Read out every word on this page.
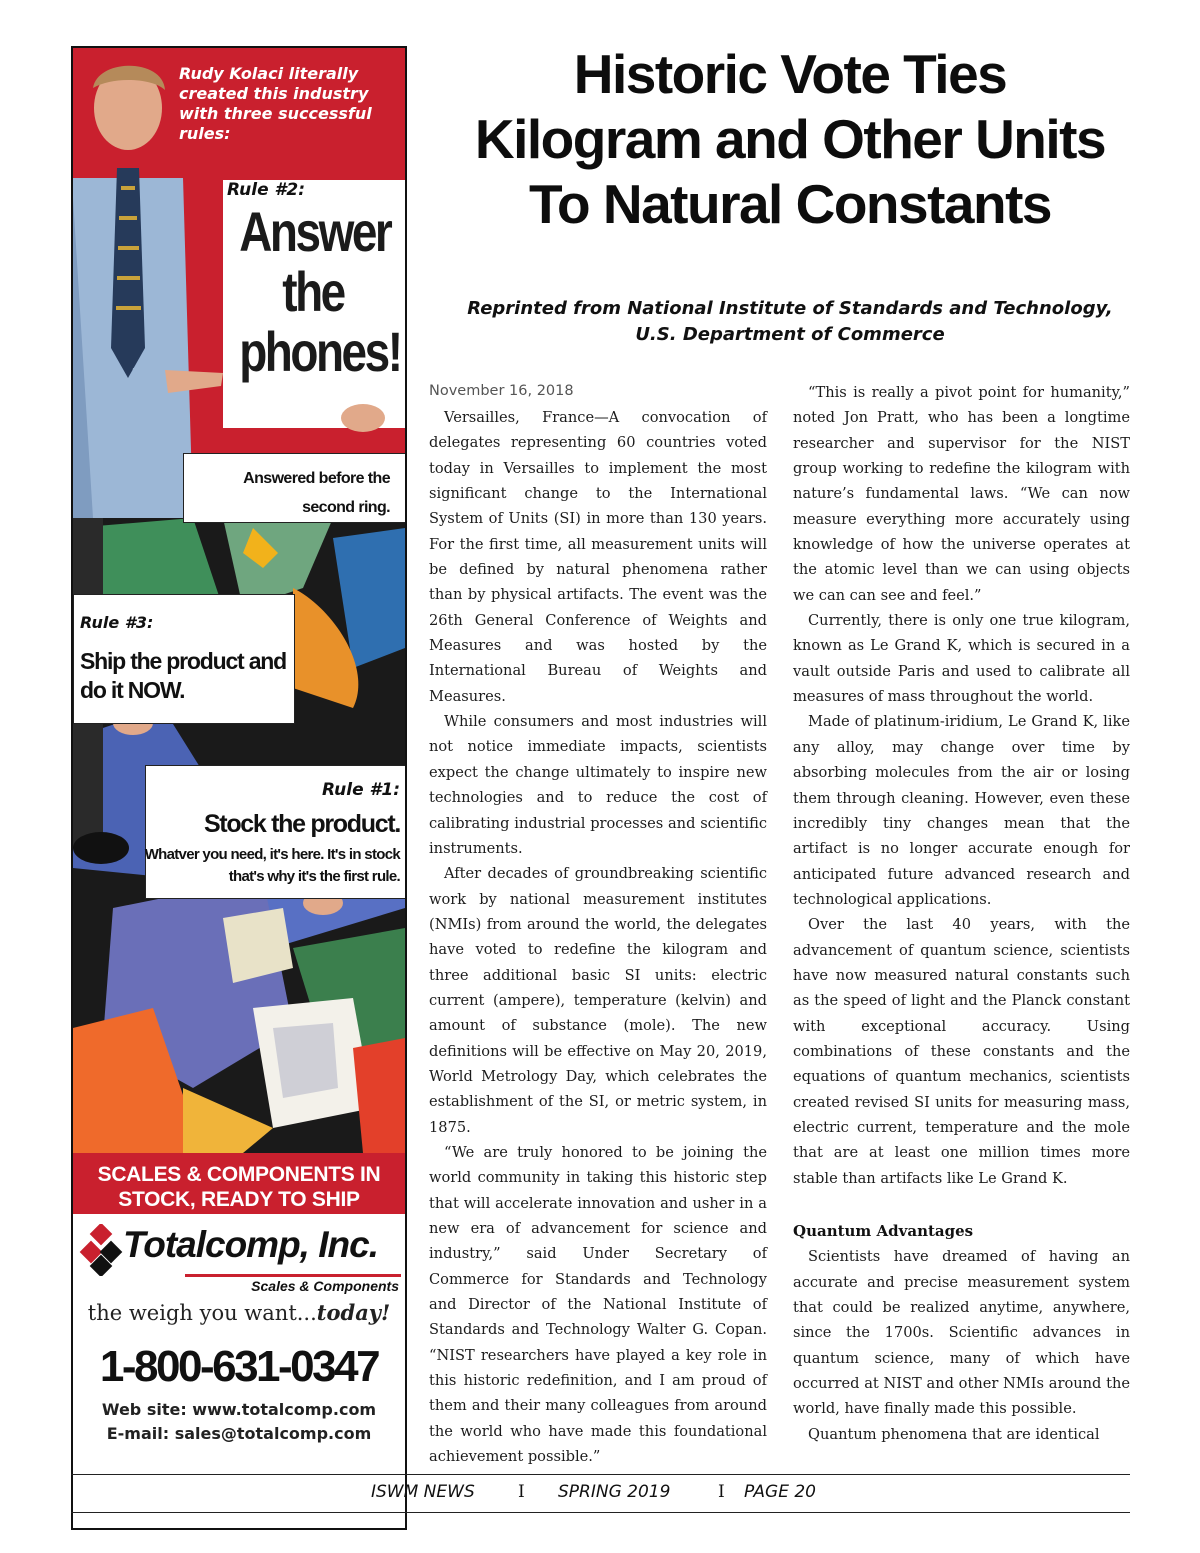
Rudy Kolaci literally created this industry with three successful rules:
Rule #2:
Answer the phones!
Answered before the second ring.
Rule #3:
Ship the product and do it NOW.
Rule #1:
Stock the product.
Whatver you need, it's here. It's in stock that's why it's the first rule.
SCALES & COMPONENTS IN STOCK, READY TO SHIP
Totalcomp, Inc.
Scales & Components
the weigh you want...today!
1-800-631-0347
Web site: www.totalcomp.com
E-mail: sales@totalcomp.com
Historic Vote Ties
Kilogram and Other Units
To Natural Constants
Reprinted from National Institute of Standards and Technology,
U.S. Department of Commerce
November 16, 2018

Versailles, France—A convocation of delegates representing 60 countries voted today in Versailles to implement the most significant change to the International System of Units (SI) in more than 130 years. For the first time, all measurement units will be defined by natural phenomena rather than by physical artifacts. The event was the 26th General Conference of Weights and Measures and was hosted by the International Bureau of Weights and Measures.

While consumers and most industries will not notice immediate impacts, scientists expect the change ultimately to inspire new technologies and to reduce the cost of calibrating industrial processes and scientific instruments.

After decades of groundbreaking scientific work by national measurement institutes (NMIs) from around the world, the delegates have voted to redefine the kilogram and three additional basic SI units: electric current (ampere), temperature (kelvin) and amount of substance (mole). The new definitions will be effective on May 20, 2019, World Metrology Day, which celebrates the establishment of the SI, or metric system, in 1875.

“We are truly honored to be joining the world community in taking this historic step that will accelerate innovation and usher in a new era of advancement for science and industry,” said Under Secretary of Commerce for Standards and Technology and Director of the National Institute of Standards and Technology Walter G. Copan. “NIST researchers have played a key role in this historic redefinition, and I am proud of them and their many colleagues from around the world who have made this foundational achievement possible.”

“This is really a pivot point for humanity,” noted Jon Pratt, who has been a longtime researcher and supervisor for the NIST group working to redefine the kilogram with nature’s fundamental laws. “We can now measure everything more accurately using knowledge of how the universe operates at the atomic level than we can using objects we can can see and feel.”

Currently, there is only one true kilogram, known as Le Grand K, which is secured in a vault outside Paris and used to calibrate all measures of mass throughout the world.

Made of platinum-iridium, Le Grand K, like any alloy, may change over time by absorbing molecules from the air or losing them through cleaning. However, even these incredibly tiny changes mean that the artifact is no longer accurate enough for anticipated future advanced research and technological applications.

Over the last 40 years, with the advancement of quantum science, scientists have now measured natural constants such as the speed of light and the Planck constant with exceptional accuracy. Using combinations of these constants and the equations of quantum mechanics, scientists created revised SI units for measuring mass, electric current, temperature and the mole that are at least one million times more stable than artifacts like Le Grand K.

Quantum Advantages

Scientists have dreamed of having an accurate and precise measurement system that could be realized anytime, anywhere, since the 1700s. Scientific advances in quantum science, many of which have occurred at NIST and other NMIs around the world, have finally made this possible.

Quantum phenomena that are identical

ISWM NEWS	I SPRING 2019	I PAGE 20
